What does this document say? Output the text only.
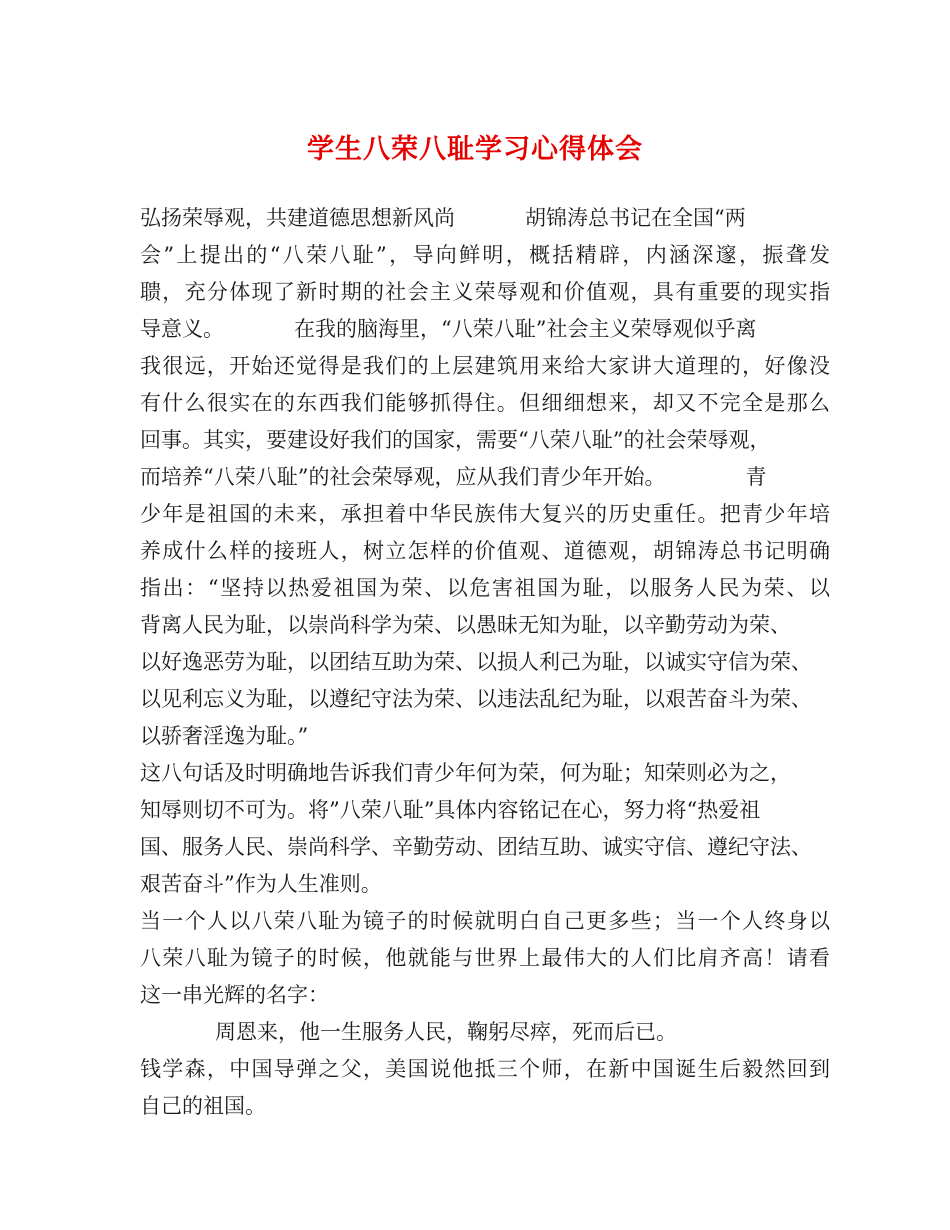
学生八荣八耻学习心得体会
弘扬荣辱观，共建道德思想新风尚	胡锦涛总书记在全国“两
会”上提出的“八荣八耻”，导向鲜明，概括精辟，内涵深邃，振聋发
聩，充分体现了新时期的社会主义荣辱观和价值观，具有重要的现实指
导意义。	在我的脑海里，“八荣八耻”社会主义荣辱观似乎离
我很远，开始还觉得是我们的上层建筑用来给大家讲大道理的，好像没
有什么很实在的东西我们能够抓得住。但细细想来，却又不完全是那么
回事。其实，要建设好我们的国家，需要“八荣八耻”的社会荣辱观，
而培养“八荣八耻”的社会荣辱观，应从我们青少年开始。	青
少年是祖国的未来，承担着中华民族伟大复兴的历史重任。把青少年培
养成什么样的接班人，树立怎样的价值观、道德观，胡锦涛总书记明确
指出：“坚持以热爱祖国为荣、以危害祖国为耻，以服务人民为荣、以
背离人民为耻，以崇尚科学为荣、以愚昧无知为耻，以辛勤劳动为荣、
以好逸恶劳为耻，以团结互助为荣、以损人利己为耻，以诚实守信为荣、
以见利忘义为耻，以遵纪守法为荣、以违法乱纪为耻，以艰苦奋斗为荣、
以骄奢淫逸为耻。”
这八句话及时明确地告诉我们青少年何为荣，何为耻；知荣则必为之，
知辱则切不可为。将”八荣八耻”具体内容铭记在心，努力将“热爱祖
国、服务人民、崇尚科学、辛勤劳动、团结互助、诚实守信、遵纪守法、
艰苦奋斗”作为人生准则。
当一个人以八荣八耻为镜子的时候就明白自己更多些；当一个人终身以
八荣八耻为镜子的时候，他就能与世界上最伟大的人们比肩齐高！请看
这一串光辉的名字：
周恩来，他一生服务人民，鞠躬尽瘁，死而后已。
钱学森，中国导弹之父，美国说他抵三个师，在新中国诞生后毅然回到
自己的祖国。
